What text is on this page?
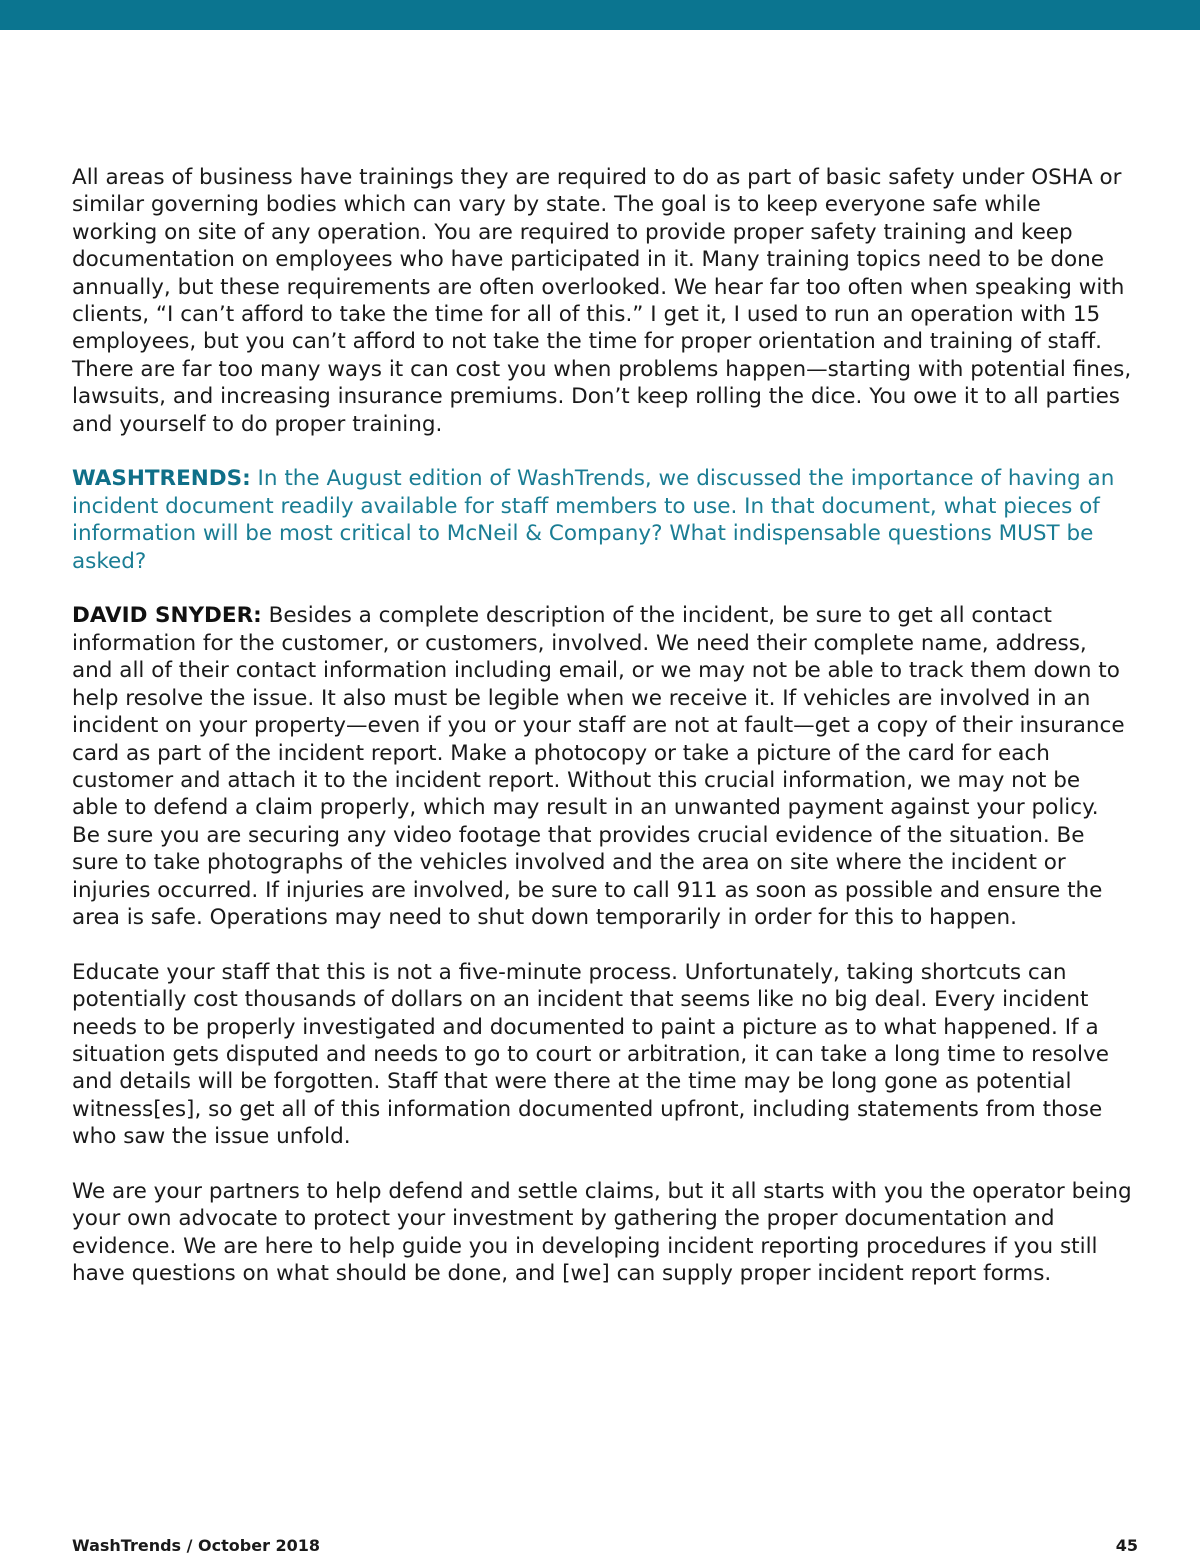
All areas of business have trainings they are required to do as part of basic safety under OSHA or similar governing bodies which can vary by state. The goal is to keep everyone safe while working on site of any operation. You are required to provide proper safety training and keep documentation on employees who have participated in it. Many training topics need to be done annually, but these requirements are often overlooked. We hear far too often when speaking with clients, “I can’t afford to take the time for all of this.” I get it, I used to run an operation with 15 employees, but you can’t afford to not take the time for proper orientation and training of staff. There are far too many ways it can cost you when problems happen—starting with potential fines, lawsuits, and increasing insurance premiums. Don’t keep rolling the dice. You owe it to all parties and yourself to do proper training.

WASHTRENDS: In the August edition of WashTrends, we discussed the importance of having an incident document readily available for staff members to use. In that document, what pieces of information will be most critical to McNeil & Company? What indispensable questions MUST be asked?

DAVID SNYDER: Besides a complete description of the incident, be sure to get all contact information for the customer, or customers, involved. We need their complete name, address, and all of their contact information including email, or we may not be able to track them down to help resolve the issue. It also must be legible when we receive it. If vehicles are involved in an incident on your property—even if you or your staff are not at fault—get a copy of their insurance card as part of the incident report. Make a photocopy or take a picture of the card for each customer and attach it to the incident report. Without this crucial information, we may not be able to defend a claim properly, which may result in an unwanted payment against your policy. Be sure you are securing any video footage that provides crucial evidence of the situation. Be sure to take photographs of the vehicles involved and the area on site where the incident or injuries occurred. If injuries are involved, be sure to call 911 as soon as possible and ensure the area is safe. Operations may need to shut down temporarily in order for this to happen.

Educate your staff that this is not a five-minute process. Unfortunately, taking shortcuts can potentially cost thousands of dollars on an incident that seems like no big deal. Every incident needs to be properly investigated and documented to paint a picture as to what happened. If a situation gets disputed and needs to go to court or arbitration, it can take a long time to resolve and details will be forgotten. Staff that were there at the time may be long gone as potential witness[es], so get all of this information documented upfront, including statements from those who saw the issue unfold.

We are your partners to help defend and settle claims, but it all starts with you the operator being your own advocate to protect your investment by gathering the proper documentation and evidence. We are here to help guide you in developing incident reporting procedures if you still have questions on what should be done, and [we] can supply proper incident report forms.

WashTrends / October 2018	45
